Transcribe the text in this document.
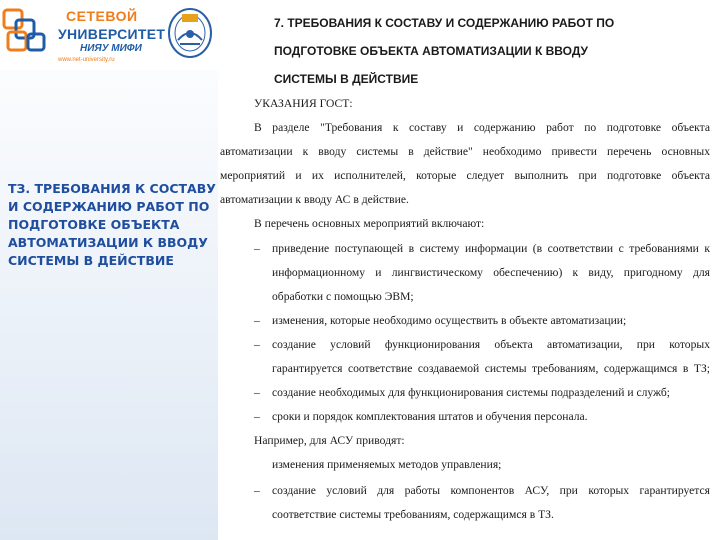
СЕТЕВОЙ
УНИВЕРСИТЕТ
НИЯУ МИФИ
www.net-university.ru
ТЗ. ТРЕБОВАНИЯ К СОСТАВУ И СОДЕРЖАНИЮ РАБОТ ПО ПОДГОТОВКЕ ОБЪЕКТА АВТОМАТИЗАЦИИ К ВВОДУ СИСТЕМЫ В ДЕЙСТВИЕ
7. ТРЕБОВАНИЯ К СОСТАВУ И СОДЕРЖАНИЮ РАБОТ ПО
ПОДГОТОВКЕ ОБЪЕКТА АВТОМАТИЗАЦИИ К ВВОДУ
СИСТЕМЫ В ДЕЙСТВИЕ
УКАЗАНИЯ ГОСТ:
В разделе "Требования к составу и содержанию работ по подготовке объекта
автоматизации к вводу системы в действие" необходимо привести перечень основных
мероприятий и их исполнителей, которые следует выполнить при подготовке объекта
автоматизации к вводу АС в действие.
В перечень основных мероприятий включают:
– приведение поступающей в систему информации (в соответствии с требованиями к
информационному и лингвистическому обеспечению) к виду, пригодному для
обработки с помощью ЭВМ;
– изменения, которые необходимо осуществить в объекте автоматизации;
– создание условий функционирования объекта автоматизации, при которых
гарантируется соответствие создаваемой системы требованиям, содержащимся в ТЗ;
– создание необходимых для функционирования системы подразделений и служб;
– сроки и порядок комплектования штатов и обучения персонала.
Например, для АСУ приводят:
изменения применяемых методов управления;
– создание условий для работы компонентов АСУ, при которых гарантируется
соответствие системы требованиям, содержащимся в ТЗ.
